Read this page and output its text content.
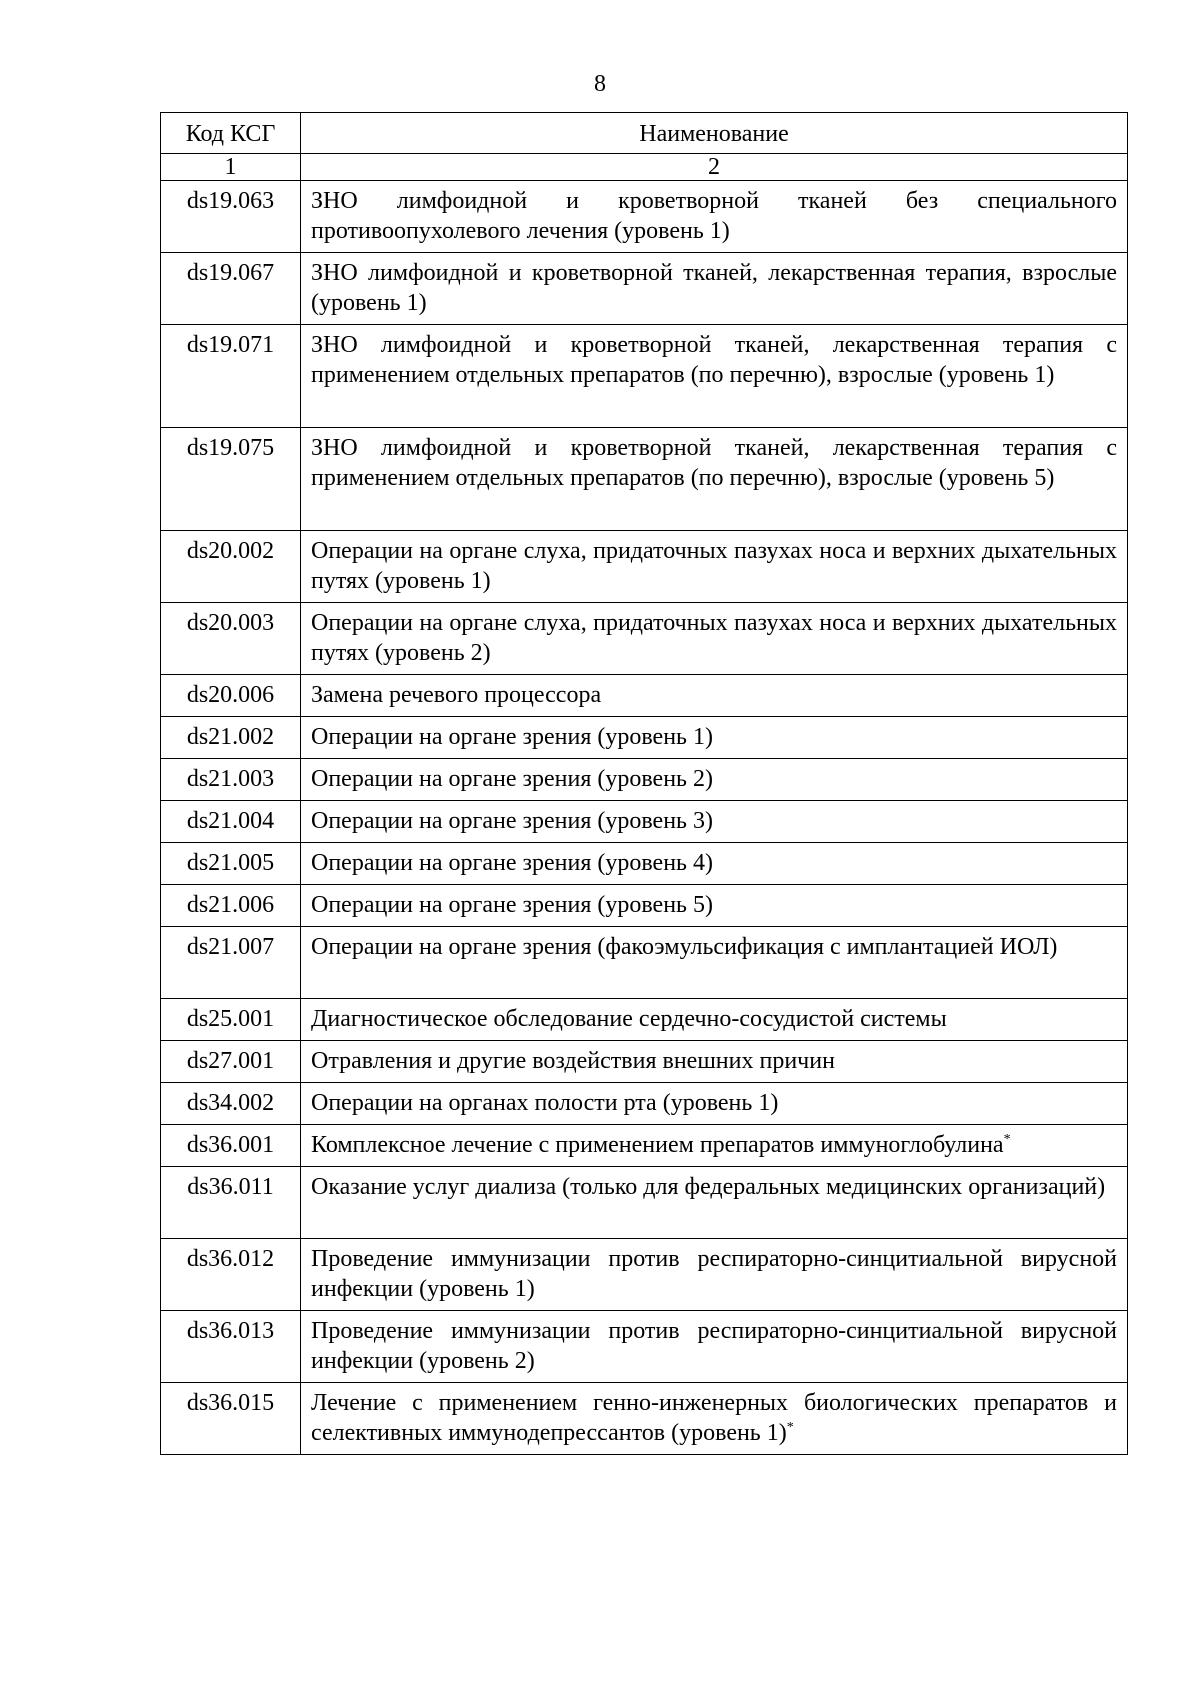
8
Код КСГ	Наименование
1	2
ds19.063	ЗНО лимфоидной и кроветворной тканей без специального противоопухолевого лечения (уровень 1)
ds19.067	ЗНО лимфоидной и кроветворной тканей, лекарственная терапия, взрослые (уровень 1)
ds19.071	ЗНО лимфоидной и кроветворной тканей, лекарственная терапия с применением отдельных препаратов (по перечню), взрослые (уровень 1)
ds19.075	ЗНО лимфоидной и кроветворной тканей, лекарственная терапия с применением отдельных препаратов (по перечню), взрослые (уровень 5)
ds20.002	Операции на органе слуха, придаточных пазухах носа и верхних дыхательных путях (уровень 1)
ds20.003	Операции на органе слуха, придаточных пазухах носа и верхних дыхательных путях (уровень 2)
ds20.006	Замена речевого процессора
ds21.002	Операции на органе зрения (уровень 1)
ds21.003	Операции на органе зрения (уровень 2)
ds21.004	Операции на органе зрения (уровень 3)
ds21.005	Операции на органе зрения (уровень 4)
ds21.006	Операции на органе зрения (уровень 5)
ds21.007	Операции на органе зрения (факоэмульсификация с имплантацией ИОЛ)
ds25.001	Диагностическое обследование сердечно-сосудистой системы
ds27.001	Отравления и другие воздействия внешних причин
ds34.002	Операции на органах полости рта (уровень 1)
ds36.001	Комплексное лечение с применением препаратов иммуноглобулина*
ds36.011	Оказание услуг диализа (только для федеральных медицинских организаций)
ds36.012	Проведение иммунизации против респираторно-синцитиальной вирусной инфекции (уровень 1)
ds36.013	Проведение иммунизации против респираторно-синцитиальной вирусной инфекции (уровень 2)
ds36.015	Лечение с применением генно-инженерных биологических препаратов и селективных иммунодепрессантов (уровень 1)*
